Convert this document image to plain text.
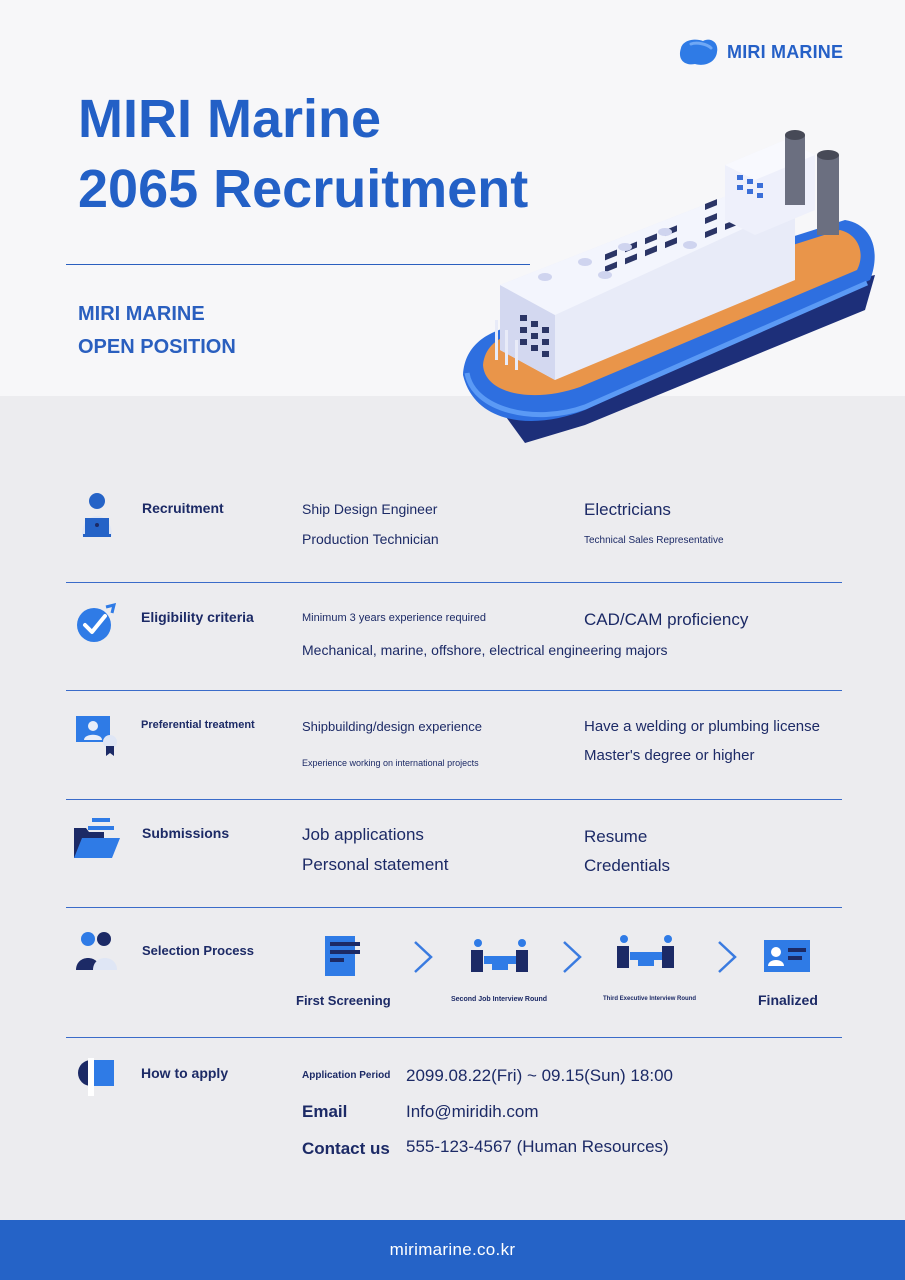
MIRI MARINE
MIRI Marine
2065 Recruitment
MIRI MARINE
OPEN POSITION
Recruitment	Ship Design Engineer	Electricians
Production Technician	Technical Sales Representative
Eligibility criteria	Minimum 3 years experience required	CAD/CAM proficiency
Mechanical, marine, offshore, electrical engineering majors
Preferential treatment	Shipbuilding/design experience	Have a welding or plumbing license
Experience working on international projects	Master's degree or higher
Submissions	Job applications	Resume
Personal statement	Credentials
Selection Process
First Screening	Second Job Interview Round	Third Executive Interview Round	Finalized
How to apply	Application Period 2099.08.22(Fri) ~ 09.15(Sun) 18:00
Email	Info@miridih.com
Contact us 555-123-4567 (Human Resources)
mirimarine.co.kr
